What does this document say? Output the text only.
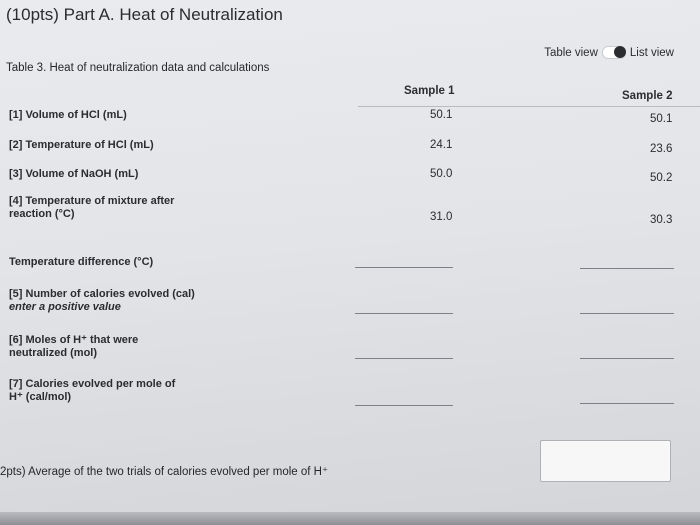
(10pts) Part A. Heat of Neutralization
Table view	List view
Table 3. Heat of neutralization data and calculations
Sample 1	Sample 2
[1] Volume of HCl (mL)	50.1	50.1
[2] Temperature of HCl (mL)	24.1	23.6
[3] Volume of NaOH (mL)	50.0	50.2
[4] Temperature of mixture after
reaction (°C)	31.0	30.3
Temperature difference (°C)
[5] Number of calories evolved (cal)
enter a positive value
[6] Moles of H⁺ that were
neutralized (mol)
[7] Calories evolved per mole of
H⁺ (cal/mol)
2pts) Average of the two trials of calories evolved per mole of H⁺
